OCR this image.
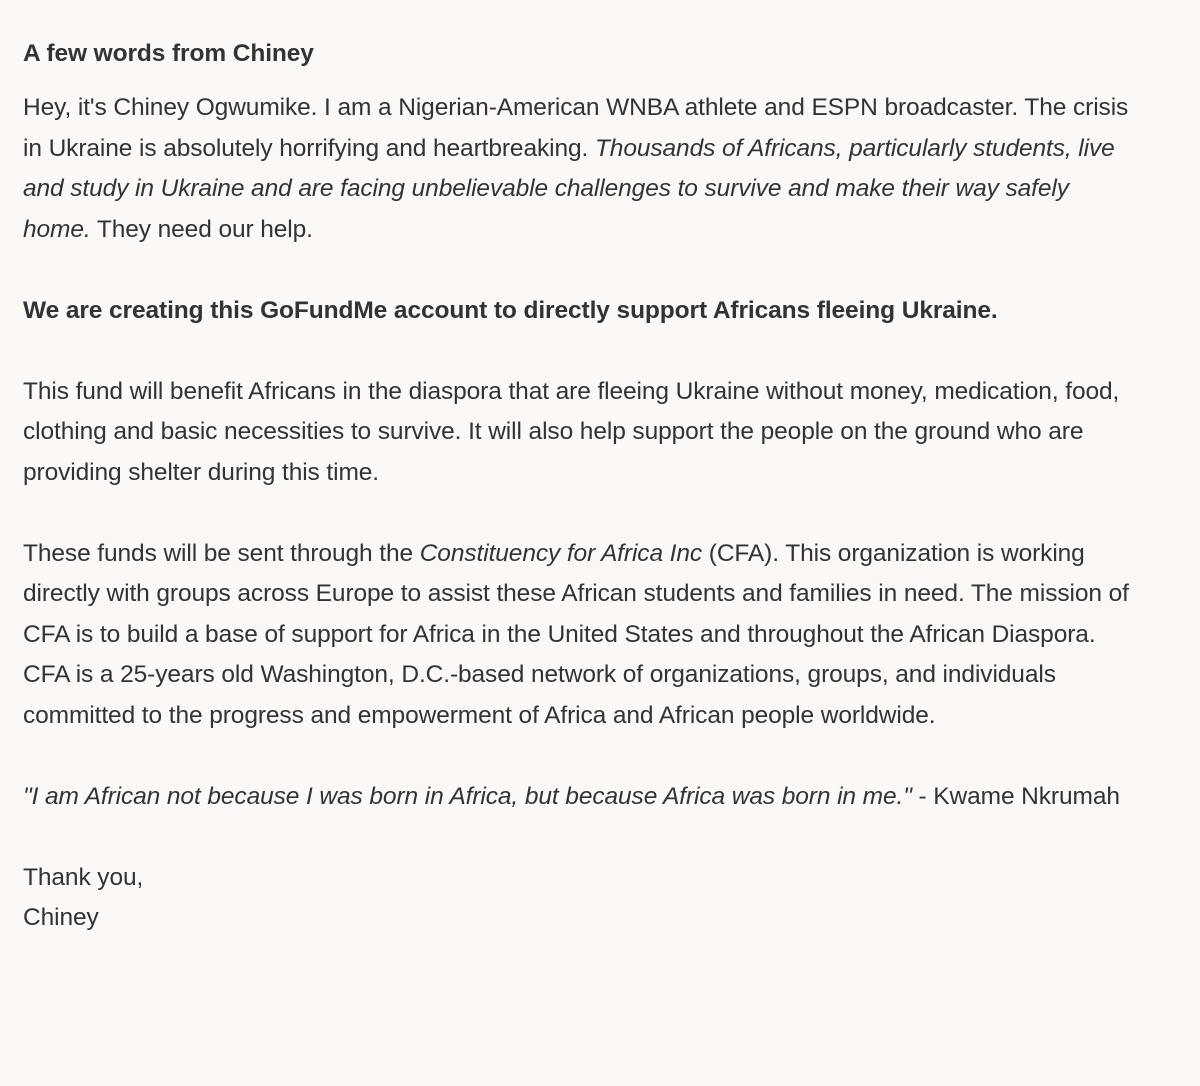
A few words from Chiney

Hey, it's Chiney Ogwumike. I am a Nigerian-American WNBA athlete and ESPN broadcaster. The crisis in Ukraine is absolutely horrifying and heartbreaking. Thousands of Africans, particularly students, live and study in Ukraine and are facing unbelievable challenges to survive and make their way safely home. They need our help.

We are creating this GoFundMe account to directly support Africans fleeing Ukraine.

This fund will benefit Africans in the diaspora that are fleeing Ukraine without money, medication, food, clothing and basic necessities to survive. It will also help support the people on the ground who are providing shelter during this time.

These funds will be sent through the Constituency for Africa Inc (CFA). This organization is working directly with groups across Europe to assist these African students and families in need. The mission of CFA is to build a base of support for Africa in the United States and throughout the African Diaspora. CFA is a 25-years old Washington, D.C.-based network of organizations, groups, and individuals committed to the progress and empowerment of Africa and African people worldwide.

"I am African not because I was born in Africa, but because Africa was born in me." - Kwame Nkrumah

Thank you,

Chiney
